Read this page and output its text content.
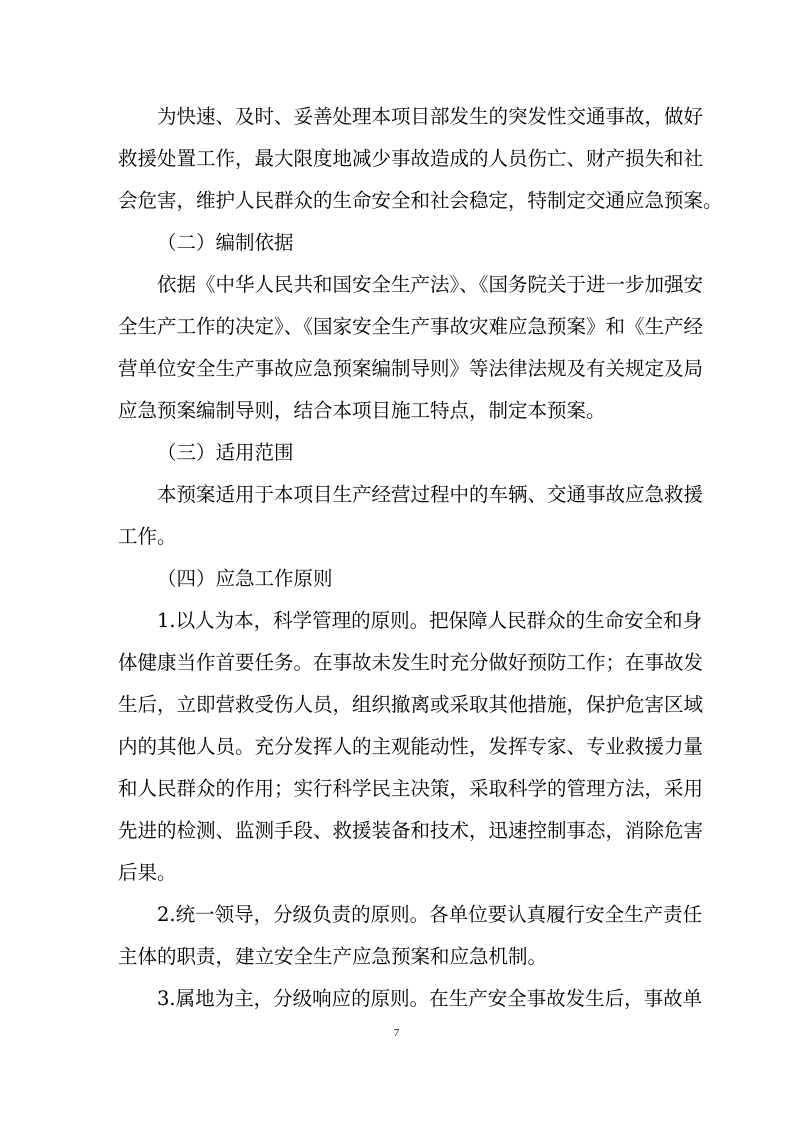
为快速、及时、妥善处理本项目部发生的突发性交通事故，做好
救援处置工作，最大限度地减少事故造成的人员伤亡、财产损失和社
会危害，维护人民群众的生命安全和社会稳定，特制定交通应急预案。
（二）编制依据
依据《中华人民共和国安全生产法》、《国务院关于进一步加强安
全生产工作的决定》、《国家安全生产事故灾难应急预案》和《生产经
营单位安全生产事故应急预案编制导则》等法律法规及有关规定及局
应急预案编制导则，结合本项目施工特点，制定本预案。
（三）适用范围
本预案适用于本项目生产经营过程中的车辆、交通事故应急救援
工作。
（四）应急工作原则
1.以人为本，科学管理的原则。把保障人民群众的生命安全和身
体健康当作首要任务。在事故未发生时充分做好预防工作；在事故发
生后，立即营救受伤人员，组织撤离或采取其他措施，保护危害区域
内的其他人员。充分发挥人的主观能动性，发挥专家、专业救援力量
和人民群众的作用；实行科学民主决策，采取科学的管理方法，采用
先进的检测、监测手段、救援装备和技术，迅速控制事态，消除危害
后果。
2.统一领导，分级负责的原则。各单位要认真履行安全生产责任
主体的职责，建立安全生产应急预案和应急机制。
3.属地为主，分级响应的原则。在生产安全事故发生后，事故单
7
